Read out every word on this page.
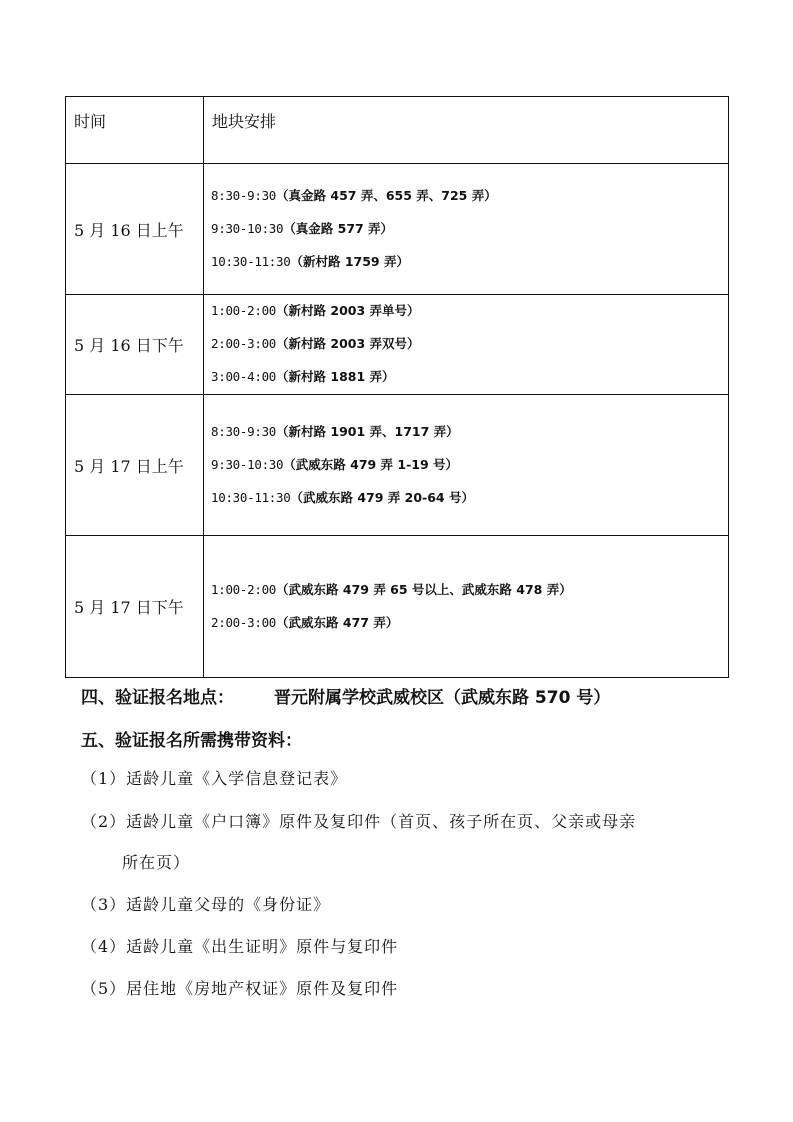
时间	地块安排

5 月 16 日上午	8:30-9:30（真金路 457 弄、655 弄、725 弄）
9:30-10:30（真金路 577 弄）
10:30-11:30（新村路 1759 弄）

5 月 16 日下午	1:00-2:00（新村路 2003 弄单号）
2:00-3:00（新村路 2003 弄双号）
3:00-4:00（新村路 1881 弄）

5 月 17 日上午	8:30-9:30（新村路 1901 弄、1717 弄）
9:30-10:30（武威东路 479 弄 1-19 号）
10:30-11:30（武威东路 479 弄 20-64 号）

5 月 17 日下午	1:00-2:00（武威东路 479 弄 65 号以上、武威东路 478 弄）
2:00-3:00（武威东路 477 弄）
四、验证报名地点： 晋元附属学校武威校区（武威东路 570 号）
五、验证报名所需携带资料：
（1）适龄儿童《入学信息登记表》
（2）适龄儿童《户口簿》原件及复印件（首页、孩子所在页、父亲或母亲
所在页）
（3）适龄儿童父母的《身份证》
（4）适龄儿童《出生证明》原件与复印件
（5）居住地《房地产权证》原件及复印件
